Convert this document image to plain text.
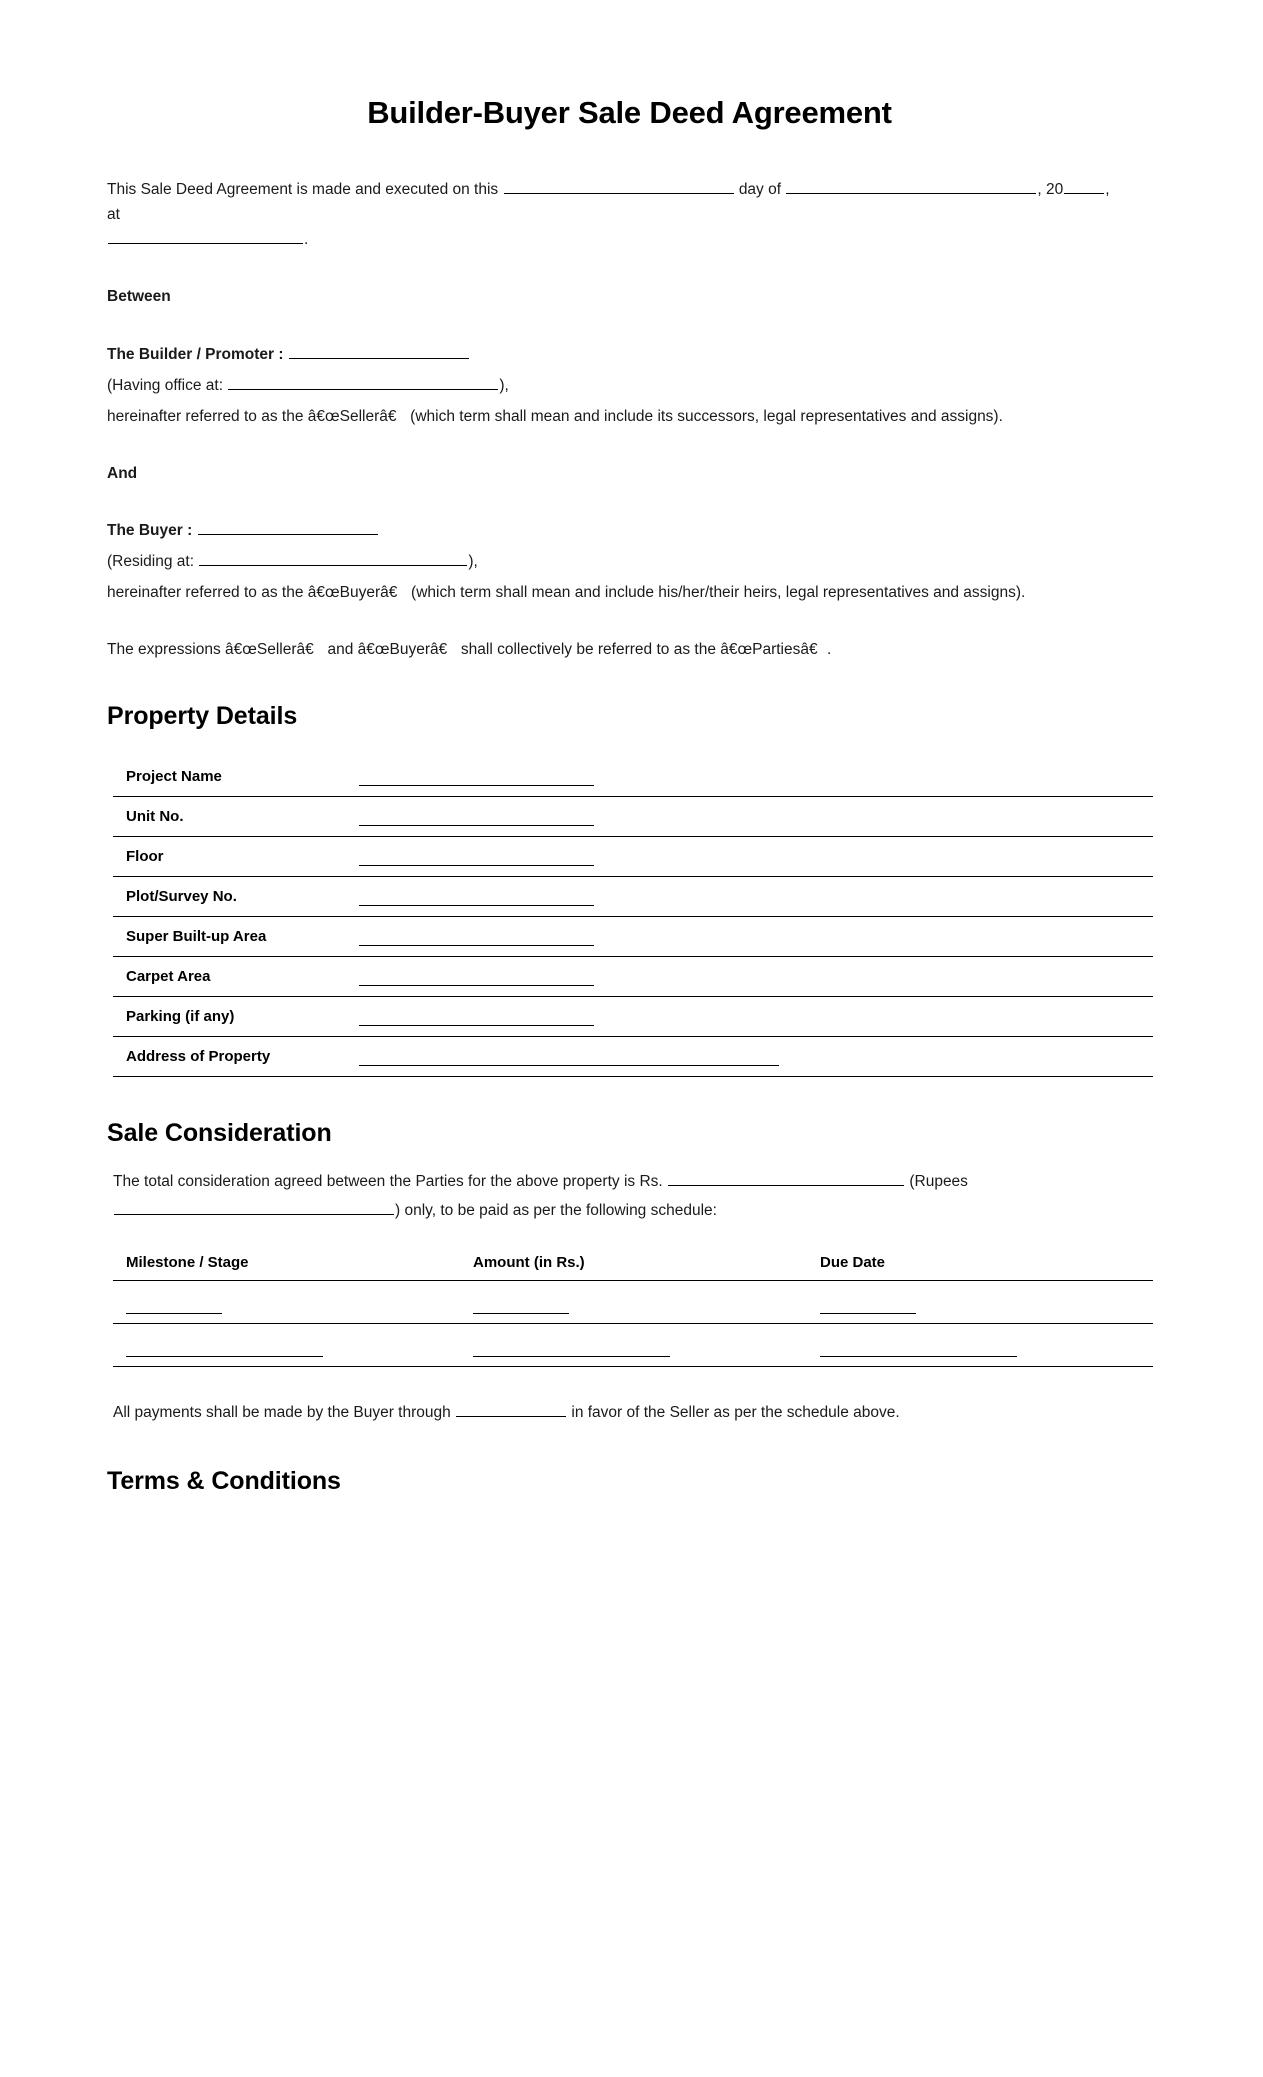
Builder-Buyer Sale Deed Agreement

This Sale Deed Agreement is made and executed on this	day of	, 20	, at
.

Between

The Builder / Promoter :

(Having office at:	),

hereinafter referred to as the â€œSellerâ€ (which term shall mean and include its successors, legal representatives and assigns).

And

The Buyer :

(Residing at:	),

hereinafter referred to as the â€œBuyerâ€ (which term shall mean and include his/her/their heirs, legal representatives and assigns).

The expressions â€œSellerâ€ and â€œBuyerâ€ shall collectively be referred to as the â€œPartiesâ€.

Property Details
Project Name	
Unit No.	
Floor	
Plot/Survey No.	
Super Built-up Area	
Carpet Area	
Parking (if any)	
Address of Property	
Sale Consideration

The total consideration agreed between the Parties for the above property is Rs.	(Rupees
) only, to be paid as per the following schedule:

Milestone / Stage	Amount (in Rs.)	Due Date

All payments shall be made by the Buyer through	in favor of the Seller as per the schedule above.

Terms & Conditions
